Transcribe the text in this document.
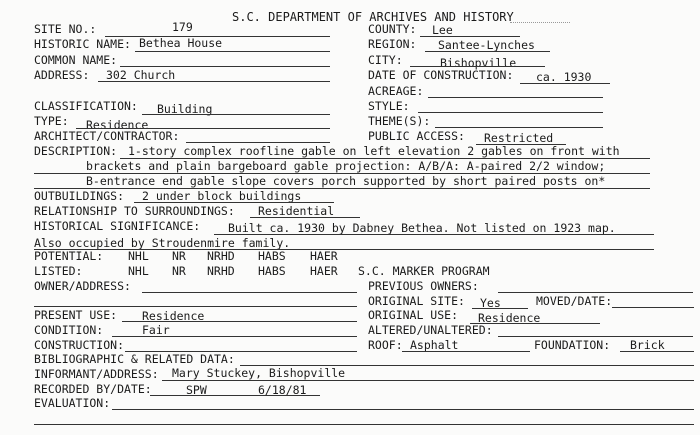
S.C. DEPARTMENT OF ARCHIVES AND HISTORY
SITE NO.:	179	COUNTY: Lee
HISTORIC NAME: Bethea House	REGION: Santee-Lynches
COMMON NAME:	CITY:	Bishopville
ADDRESS: 302 Church	DATE OF CONSTRUCTION: ca. 1930
ACREAGE:
CLASSIFICATION: Building	STYLE:
TYPE: Residence	THEME(S):
ARCHITECT/CONTRACTOR:	PUBLIC ACCESS: Restricted
DESCRIPTION: 1-story complex roofline gable on left elevation 2 gables on front with
brackets and plain bargeboard gable projection: A/B/A: A-paired 2/2 window;
B-entrance end gable slope covers porch supported by short paired posts on*
OUTBUILDINGS: 2 under block buildings
RELATIONSHIP TO SURROUNDINGS: Residential
HISTORICAL SIGNIFICANCE: Built ca. 1930 by Dabney Bethea. Not listed on 1923 map.
Also occupied by Stroudenmire family.
POTENTIAL: NHL NR NRHD HABS HAER
LISTED:	NHL NR NRHD HABS HAER S.C. MARKER PROGRAM
OWNER/ADDRESS:	PREVIOUS OWNERS:
ORIGINAL SITE: Yes	MOVED/DATE:
PRESENT USE: Residence	ORIGINAL USE: Residence
CONDITION:	Fair	ALTERED/UNALTERED:
CONSTRUCTION:	ROOF: Asphalt	FOUNDATION: Brick
BIBLIOGRAPHIC & RELATED DATA:
INFORMANT/ADDRESS: Mary Stuckey, Bishopville
RECORDED BY/DATE:	SPW	6/18/81
EVALUATION:
